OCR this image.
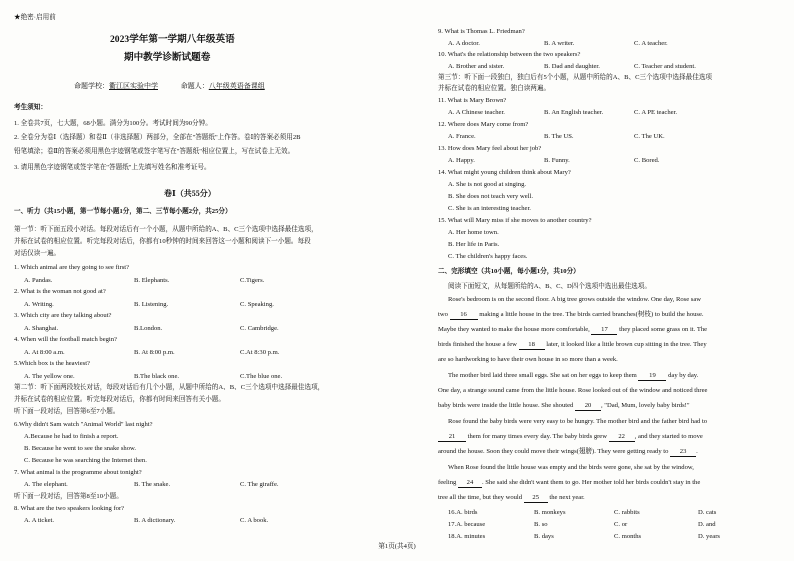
★绝密·启用前
2023学年第一学期八年级英语
期中教学诊断试题卷
命题学校：衢江区实验中学	命题人：八年级英语备课组
考生须知：
1. 全卷共7页，七大题，68小题。满分为100分。考试时间为90分钟。
2. 全卷分为卷Ⅰ（选择题）和卷Ⅱ（非选择题）两部分，全部在"答题纸"上作答。卷Ⅰ的答案必须用2B
铅笔填涂；卷Ⅱ的答案必须用黑色字迹钢笔或签字笔写在"答题纸"相应位置上，写在试卷上无效。
3. 请用黑色字迹钢笔或签字笔在"答题纸"上先填写姓名和准考证号。
卷Ⅰ（共55分）
一、听力（共15小题，第一节每小题1分，第二、三节每小题2分，共25分）
第一节：听下面五段小对话。每段对话后有一个小题，从题中所给的A、B、C三个选项中选择最佳选项，
并标在试卷的相应位置。听完每段对话后，你都有10秒钟的时间来回答这一小题和阅读下一小题。每段
对话仅读一遍。
1. Which animal are they going to see first?
A. Pandas.	B. Elephants.	C.Tigers.
2. What is the woman not good at?
A. Writing.	B. Listening.	C. Speaking.
3. Which city are they talking about?
A. Shanghai.	B.London.	C. Cambridge.
4. When will the football match begin?
A. At 8:00 a.m.	B. At 8:00 p.m.	C.At 8:30 p.m.
5.Which box is the heaviest?
A. The yellow one.	B.The black one.	C.The blue one.
第二节：听下面两段较长对话，每段对话后有几个小题，从题中所给的A、B、C三个选项中选择最佳选项，
并标在试卷的相应位置。听完每段对话后，你都有时间来回答有关小题。
听下面一段对话，回答第6至7小题。
6.Why didn't Sam watch "Animal World" last night?
A.Because he had to finish a report.
B. Because he went to see the snake show.
C. Because he was searching the Internet then.
7. What animal is the programme about tonight?
A. The elephant.	B. The snake.	C. The giraffe.
听下面一段对话，回答第8至10小题。
8. What are the two speakers looking for?
A. A ticket.	B. A dictionary.	C. A book.
9. What is Thomas L. Friedman?
A. A doctor.	B. A writer.	C. A teacher.
10. What's the relationship between the two speakers?
A. Brother and sister.	B. Dad and daughter.	C. Teacher and student.
第三节：听下面一段独白，独白后有5个小题，从题中所给的A、B、C三个选项中选择最佳选项
并标在试卷的相应位置。独白读两遍。
11. What is Mary Brown?
A. A Chinese teacher.	B. An English teacher.	C. A PE teacher.
12. Where does Mary come from?
A. France.	B. The US.	C. The UK.
13. How does Mary feel about her job?
A. Happy.	B. Funny.	C. Bored.
14. What might young children think about Mary?
A. She is not good at singing.
B. She does not teach very well.
C. She is an interesting teacher.
15. What will Mary miss if she moves to another country?
A. Her home town.
B. Her life in Paris.
C. The children's happy faces.
二、完形填空（共10小题，每小题1分，共10分）
阅读下面短文，从每题所给的A、B、C、D四个选项中选出最佳选项。
Rose's bedroom is on the second floor. A big tree grows outside the window. One day, Rose saw
two 16 making a little house in the tree. The birds carried branches(树枝) to build the house.
Maybe they wanted to make the house more comfortable, 17 they placed some grass on it. The
birds finished the house a few 18 later, it looked like a little brown cup sitting in the tree. They
are so hardworking to have their own house in so more than a week.
The mother bird laid three small eggs. She sat on her eggs to keep them 19 day by day.
One day, a strange sound came from the little house. Rose looked out of the window and noticed three
baby birds were inside the little house. She shouted 20 , "Dad, Mum, lovely baby birds!"
Rose found the baby birds were very easy to be hungry. The mother bird and the father bird had to
21 them for many times every day. The baby birds grew 22 , and they started to move
around the house. Soon they could move their wings(翅膀). They were getting ready to 23 .
When Rose found the little house was empty and the birds were gone, she sat by the window,
feeling 24 . She said she didn't want them to go. Her mother told her birds couldn't stay in the
tree all the time, but they would 25 the next year.
16.A. birds	B. monkeys	C. rabbits	D. cats
17.A. because	B. so	C. or	D. and
18.A. minutes	B. days	C. months	D. years
第1页(共4页)
